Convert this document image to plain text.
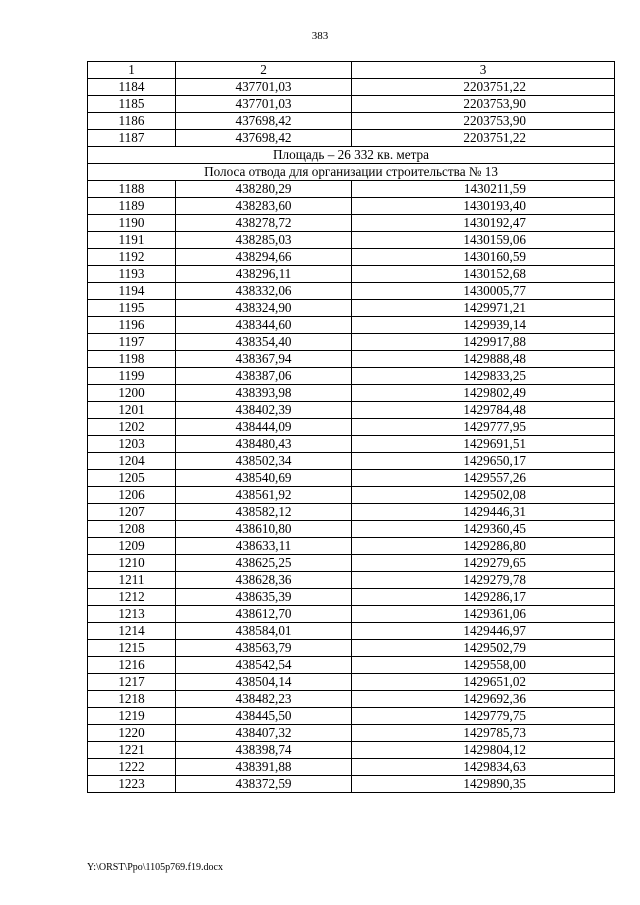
383
1	2	3
1184	437701,03	2203751,22
1185	437701,03	2203753,90
1186	437698,42	2203753,90
1187	437698,42	2203751,22
Площадь – 26 332 кв. метра		
Полоса отвода для организации строительства № 13		
1188	438280,29	1430211,59
1189	438283,60	1430193,40
1190	438278,72	1430192,47
1191	438285,03	1430159,06
1192	438294,66	1430160,59
1193	438296,11	1430152,68
1194	438332,06	1430005,77
1195	438324,90	1429971,21
1196	438344,60	1429939,14
1197	438354,40	1429917,88
1198	438367,94	1429888,48
1199	438387,06	1429833,25
1200	438393,98	1429802,49
1201	438402,39	1429784,48
1202	438444,09	1429777,95
1203	438480,43	1429691,51
1204	438502,34	1429650,17
1205	438540,69	1429557,26
1206	438561,92	1429502,08
1207	438582,12	1429446,31
1208	438610,80	1429360,45
1209	438633,11	1429286,80
1210	438625,25	1429279,65
1211	438628,36	1429279,78
1212	438635,39	1429286,17
1213	438612,70	1429361,06
1214	438584,01	1429446,97
1215	438563,79	1429502,79
1216	438542,54	1429558,00
1217	438504,14	1429651,02
1218	438482,23	1429692,36
1219	438445,50	1429779,75
1220	438407,32	1429785,73
1221	438398,74	1429804,12
1222	438391,88	1429834,63
1223	438372,59	1429890,35
Y:\ORST\Ppo\1105p769.f19.docx
